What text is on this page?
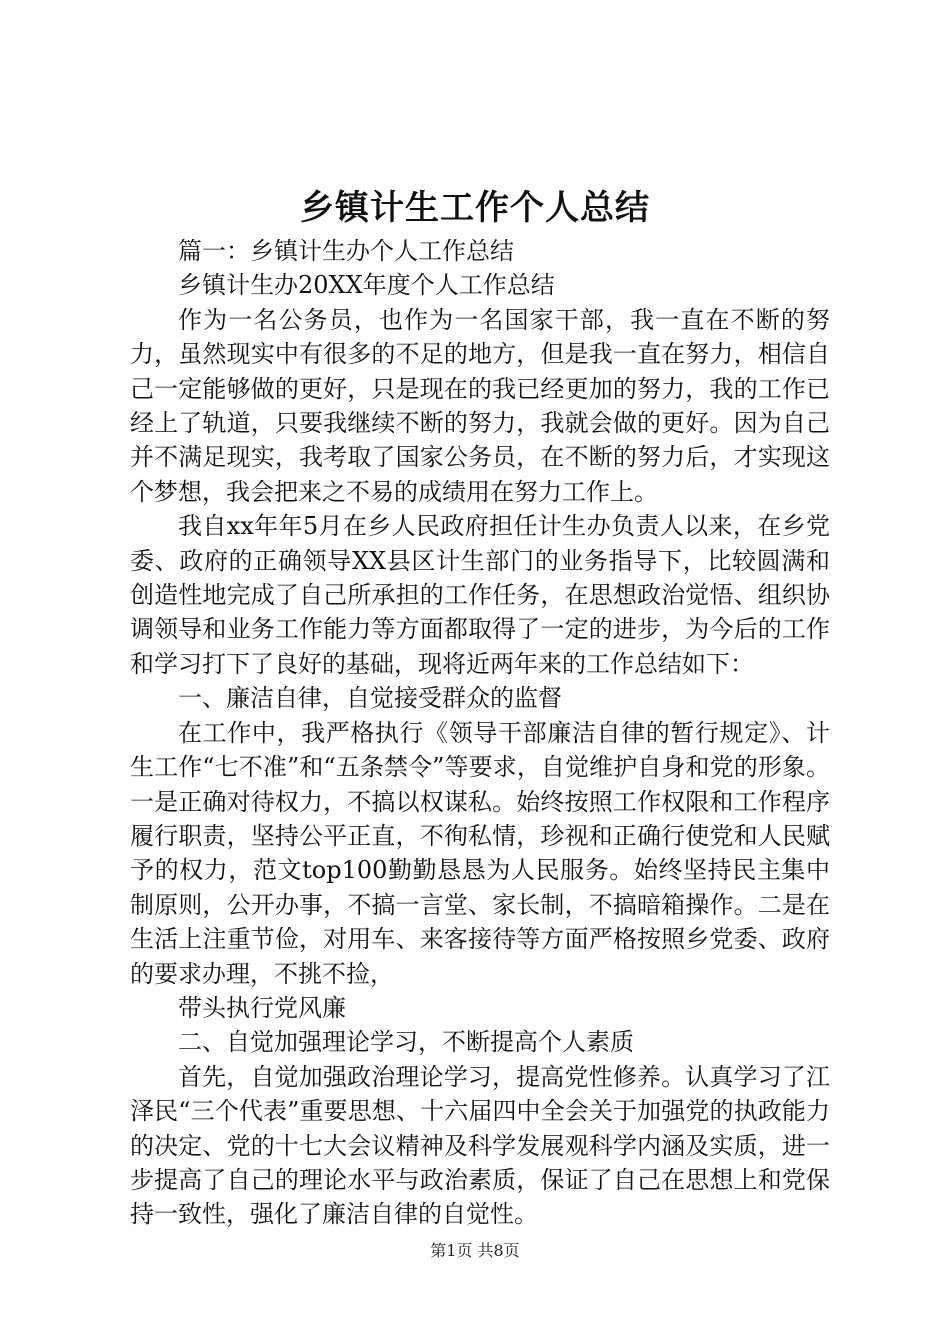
乡镇计生工作个人总结

篇一：乡镇计生办个人工作总结

乡镇计生办20XX年度个人工作总结

作为一名公务员，也作为一名国家干部，我一直在不断的努力，虽然现实中有很多的不足的地方，但是我一直在努力，相信自己一定能够做的更好，只是现在的我已经更加的努力，我的工作已经上了轨道，只要我继续不断的努力，我就会做的更好。因为自己并不满足现实，我考取了国家公务员，在不断的努力后，才实现这个梦想，我会把来之不易的成绩用在努力工作上。

我自xx年年5月在乡人民政府担任计生办负责人以来，在乡党委、政府的正确领导XX县区计生部门的业务指导下，比较圆满和创造性地完成了自己所承担的工作任务，在思想政治觉悟、组织协调领导和业务工作能力等方面都取得了一定的进步，为今后的工作和学习打下了良好的基础，现将近两年来的工作总结如下：

一、廉洁自律，自觉接受群众的监督

在工作中，我严格执行《领导干部廉洁自律的暂行规定》、计生工作“七不准”和“五条禁令”等要求，自觉维护自身和党的形象。一是正确对待权力，不搞以权谋私。始终按照工作权限和工作程序履行职责，坚持公平正直，不徇私情，珍视和正确行使党和人民赋予的权力，范文top100勤勤恳恳为人民服务。始终坚持民主集中制原则，公开办事，不搞一言堂、家长制，不搞暗箱操作。二是在生活上注重节俭，对用车、来客接待等方面严格按照乡党委、政府的要求办理，不挑不捡，

带头执行党风廉

二、自觉加强理论学习，不断提高个人素质

首先，自觉加强政治理论学习，提高党性修养。认真学习了江泽民“三个代表”重要思想、十六届四中全会关于加强党的执政能力的决定、党的十七大会议精神及科学发展观科学内涵及实质，进一步提高了自己的理论水平与政治素质，保证了自己在思想上和党保持一致性，强化了廉洁自律的自觉性。

第1页 共8页
